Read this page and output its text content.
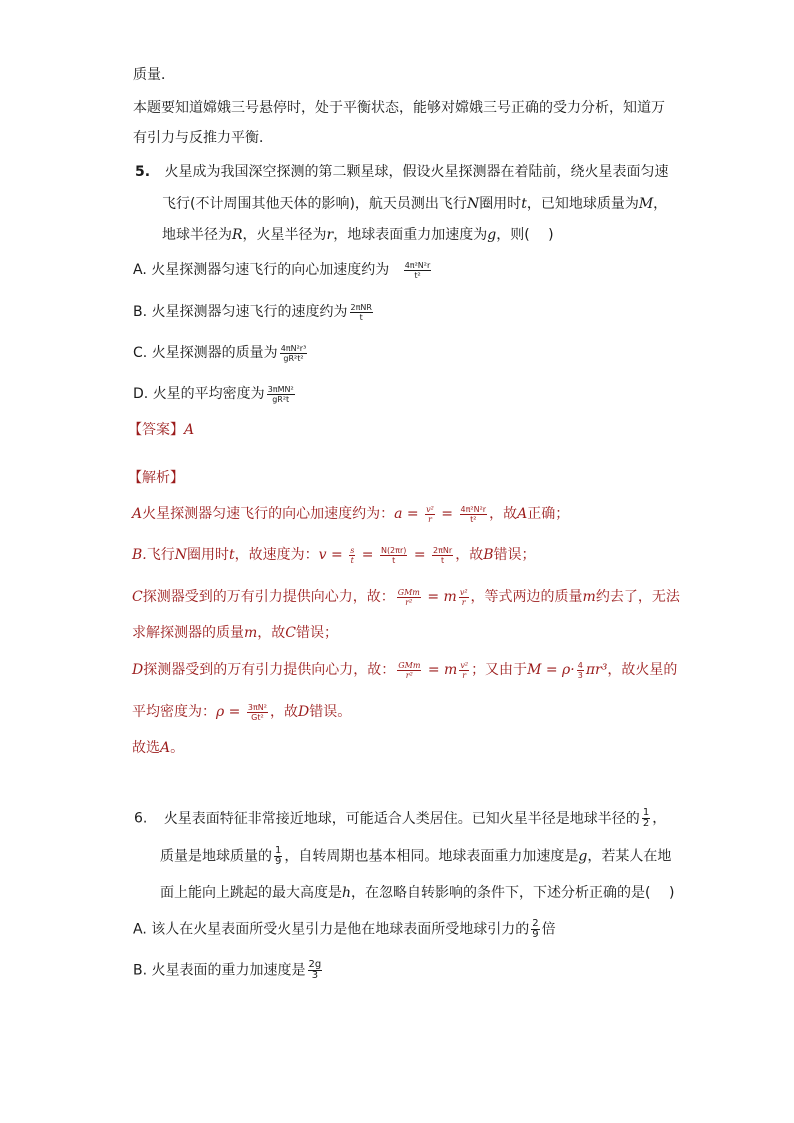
质量．
本题要知道嫦娥三号悬停时，处于平衡状态，能够对嫦娥三号正确的受力分析，知道万
有引力与反推力平衡．
5. 火星成为我国深空探测的第二颗星球，假设火星探测器在着陆前，绕火星表面匀速
飞行(不计周围其他天体的影响)，航天员测出飞行N圈用时t，已知地球质量为M，
地球半径为R，火星半径为r，地球表面重力加速度为g，则(　 )
A. 火星探测器匀速飞行的向心加速度约为 $\frac{\text{4π²N²r}}{\text{t²}}$
B. 火星探测器匀速飞行的速度约为 $\frac{\text{2πNR}}{t}$
C. 火星探测器的质量为 $\frac{\text{4πN²r³}}{\text{gR²t²}}$
D. 火星的平均密度为 $\frac{\text{3πMN²}}{\text{gR²t}}$
【答案】A
【解析】
A火星探测器匀速飞行的向心加速度约为：$a = \frac{\text{v²}}{r} = \frac{\text{4π²N²r}}{\text{t²}}$ ，故A正确；
B.飞行N圈用时t，故速度为：$v = \frac{s}{t} = \frac{N(2\pi r)}{t} = \frac{\text{2πNr}}{t}$ ，故B错误；
C探测器受到的万有引力提供向心力，故： $\frac{\text{GMm}}{\text{r²}} = m \frac{\text{v²}}{r}$ ，等式两边的质量m约去了，无法
求解探测器的质量m，故C错误；
D探测器受到的万有引力提供向心力，故： $\frac{\text{GMm}}{\text{r²}} = m \frac{\text{v²}}{r}$ ；又由于$M = \rho\cdot \frac{4}{3} \pi r^3$，故火星的
平均密度为：$\rho = \frac{\text{3πN²}}{\text{Gt²}}$ ，故D错误。
故选A。
6. 火星表面特征非常接近地球，可能适合人类居住。已知火星半径是地球半径的 $\frac{1}{2}$ ，
质量是地球质量的 $\frac{1}{9}$ ，自转周期也基本相同。地球表面重力加速度是g，若某人在地
面上能向上跳起的最大高度是h，在忽略自转影响的条件下，下述分析正确的是(　 )
A. 该人在火星表面所受火星引力是他在地球表面所受地球引力的 $\frac{2}{9}$ 倍
B. 火星表面的重力加速度是 $\frac{2g}{3}$
